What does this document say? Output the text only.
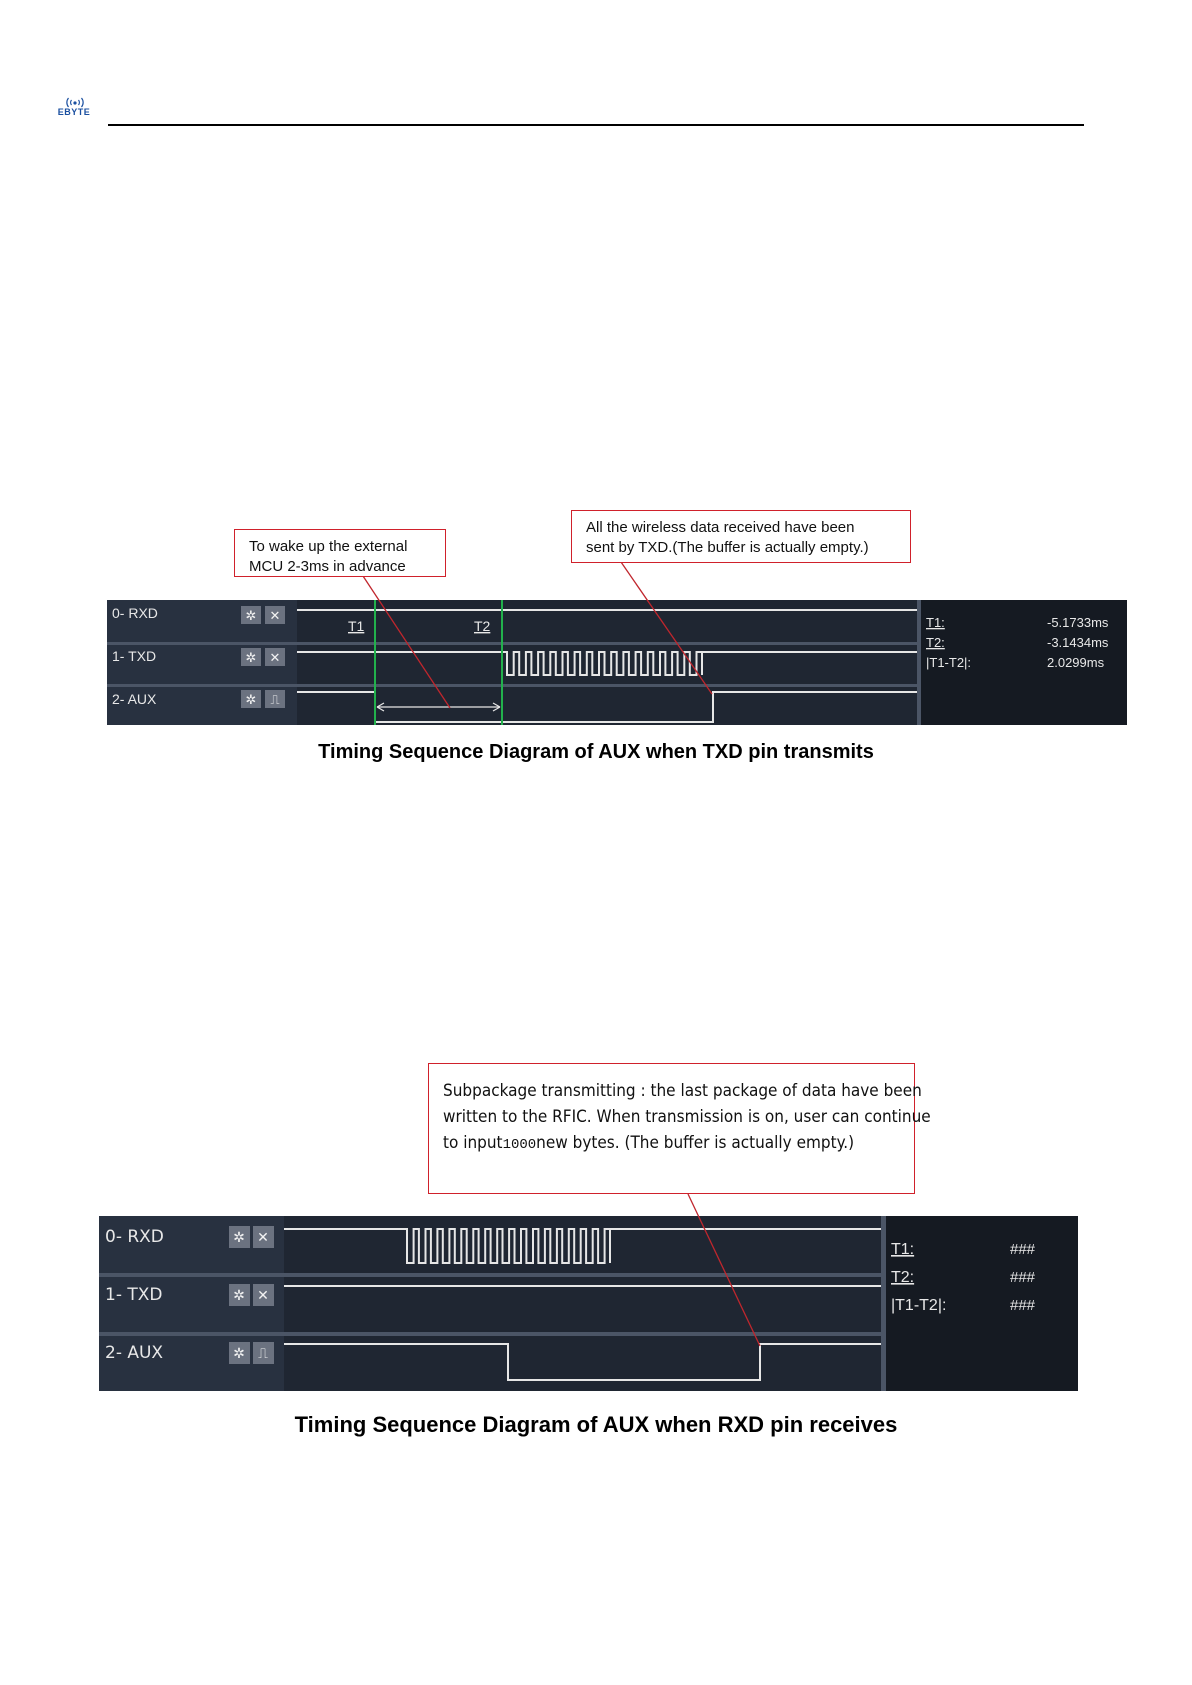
EBYTE
0- RXD
1- TXD
2- AUX
✲ ✕
✲ ✕
✲ ⎍
T1	T2	T1:	-5.1733ms
T2:	-3.1434ms
|T1-T2|:	2.0299ms
To wake up the external
MCU 2-3ms in advance
All the wireless data received have been
sent by TXD.(The buffer is actually empty.)
Timing Sequence Diagram of AUX when TXD pin transmits
0- RXD
1- TXD
2- AUX
✲ ✕
✲ ✕
✲ ⎍
T1:	###
T2:	###
|T1-T2|:	###
Subpackage transmitting : the last package of data have been
written to the RFIC. When transmission is on, user can continue
to input1000new bytes. (The buffer is actually empty.)
Timing Sequence Diagram of AUX when RXD pin receives
